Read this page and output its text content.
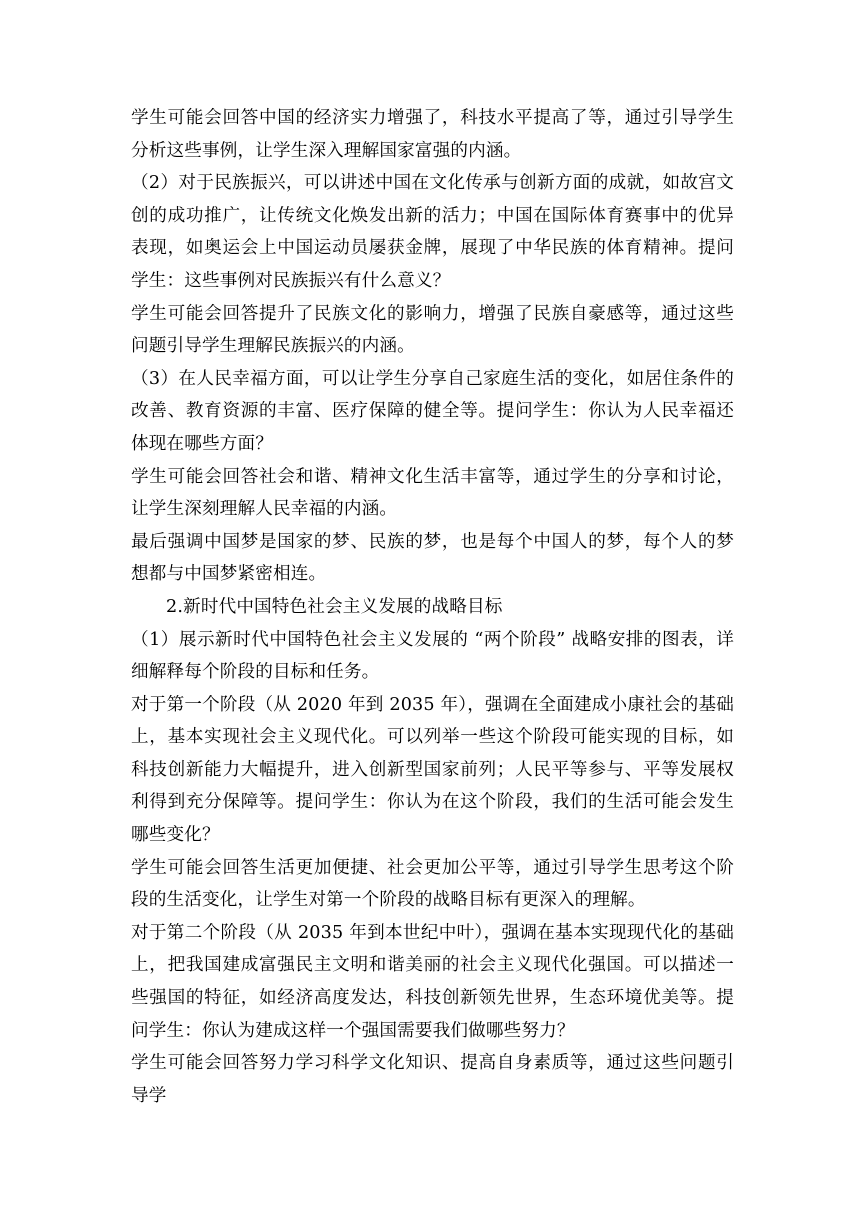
学生可能会回答中国的经济实力增强了，科技水平提高了等，通过引导学生分析这些事例，让学生深入理解国家富强的内涵。

（2）对于民族振兴，可以讲述中国在文化传承与创新方面的成就，如故宫文创的成功推广，让传统文化焕发出新的活力；中国在国际体育赛事中的优异表现，如奥运会上中国运动员屡获金牌，展现了中华民族的体育精神。提问学生：这些事例对民族振兴有什么意义？

学生可能会回答提升了民族文化的影响力，增强了民族自豪感等，通过这些问题引导学生理解民族振兴的内涵。

（3）在人民幸福方面，可以让学生分享自己家庭生活的变化，如居住条件的改善、教育资源的丰富、医疗保障的健全等。提问学生：你认为人民幸福还体现在哪些方面？

学生可能会回答社会和谐、精神文化生活丰富等，通过学生的分享和讨论，让学生深刻理解人民幸福的内涵。

最后强调中国梦是国家的梦、民族的梦，也是每个中国人的梦，每个人的梦想都与中国梦紧密相连。

2.新时代中国特色社会主义发展的战略目标

（1）展示新时代中国特色社会主义发展的 “两个阶段” 战略安排的图表，详细解释每个阶段的目标和任务。

对于第一个阶段（从 2020 年到 2035 年），强调在全面建成小康社会的基础上，基本实现社会主义现代化。可以列举一些这个阶段可能实现的目标，如科技创新能力大幅提升，进入创新型国家前列；人民平等参与、平等发展权利得到充分保障等。提问学生：你认为在这个阶段，我们的生活可能会发生哪些变化？

学生可能会回答生活更加便捷、社会更加公平等，通过引导学生思考这个阶段的生活变化，让学生对第一个阶段的战略目标有更深入的理解。

对于第二个阶段（从 2035 年到本世纪中叶），强调在基本实现现代化的基础上，把我国建成富强民主文明和谐美丽的社会主义现代化强国。可以描述一些强国的特征，如经济高度发达，科技创新领先世界，生态环境优美等。提问学生：你认为建成这样一个强国需要我们做哪些努力？

学生可能会回答努力学习科学文化知识、提高自身素质等，通过这些问题引导学
